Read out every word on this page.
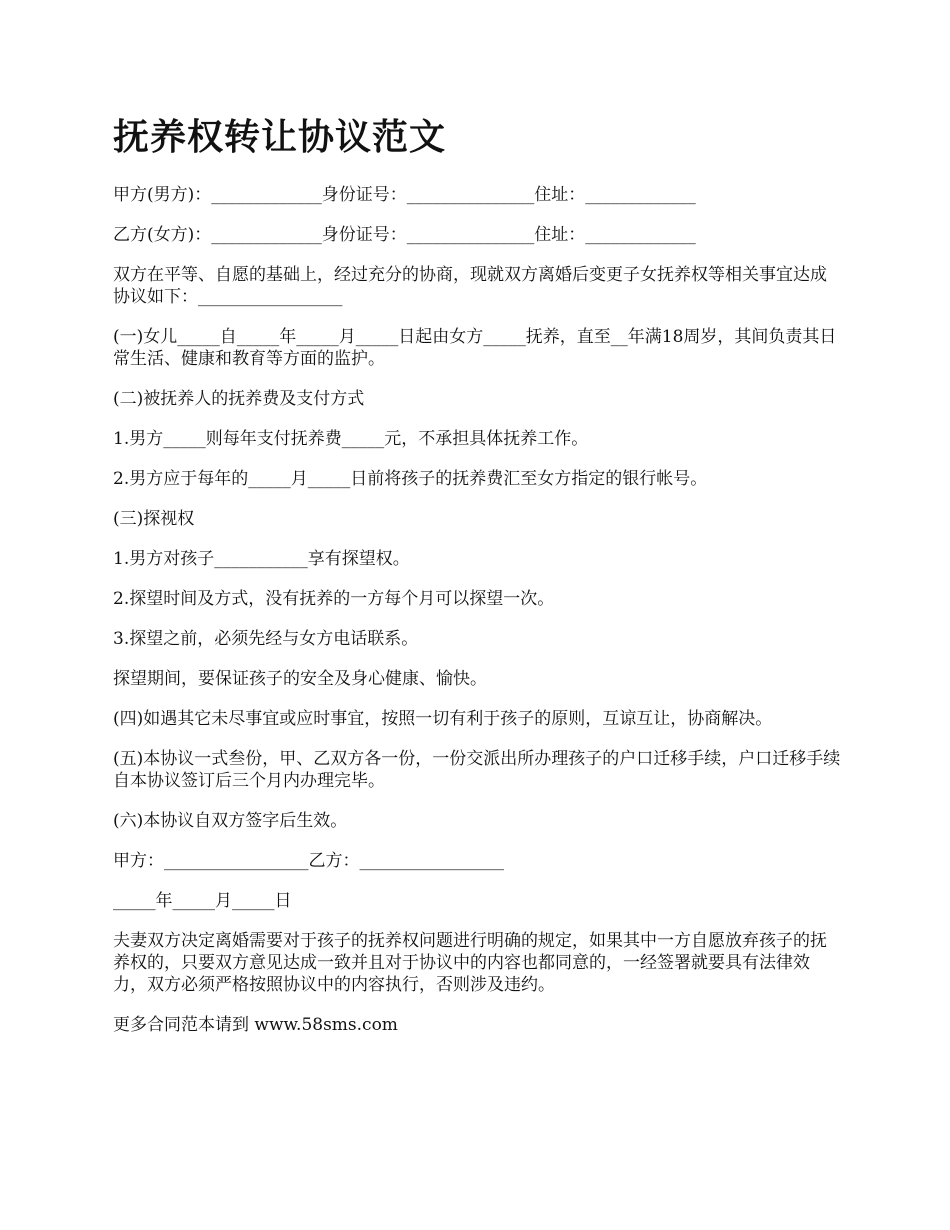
抚养权转让协议范文

甲方(男方)：_____________身份证号：_______________住址：_____________

乙方(女方)：_____________身份证号：_______________住址：_____________

双方在平等、自愿的基础上，经过充分的协商，现就双方离婚后变更子女抚养权等相关事宜达成协议如下：_________________

(一)女儿_____自_____年_____月_____日起由女方_____抚养，直至__年满18周岁，其间负责其日常生活、健康和教育等方面的监护。

(二)被抚养人的抚养费及支付方式

1.男方_____则每年支付抚养费_____元，不承担具体抚养工作。

2.男方应于每年的_____月_____日前将孩子的抚养费汇至女方指定的银行帐号。

(三)探视权

1.男方对孩子___________享有探望权。

2.探望时间及方式，没有抚养的一方每个月可以探望一次。

3.探望之前，必须先经与女方电话联系。

探望期间，要保证孩子的安全及身心健康、愉快。

(四)如遇其它未尽事宜或应时事宜，按照一切有利于孩子的原则，互谅互让，协商解决。

(五)本协议一式叁份，甲、乙双方各一份，一份交派出所办理孩子的户口迁移手续，户口迁移手续自本协议签订后三个月内办理完毕。

(六)本协议自双方签字后生效。

甲方：_________________乙方：_________________

_____年_____月_____日

夫妻双方决定离婚需要对于孩子的抚养权问题进行明确的规定，如果其中一方自愿放弃孩子的抚养权的，只要双方意见达成一致并且对于协议中的内容也都同意的，一经签署就要具有法律效力，双方必须严格按照协议中的内容执行，否则涉及违约。

更多合同范本请到 www.58sms.com
